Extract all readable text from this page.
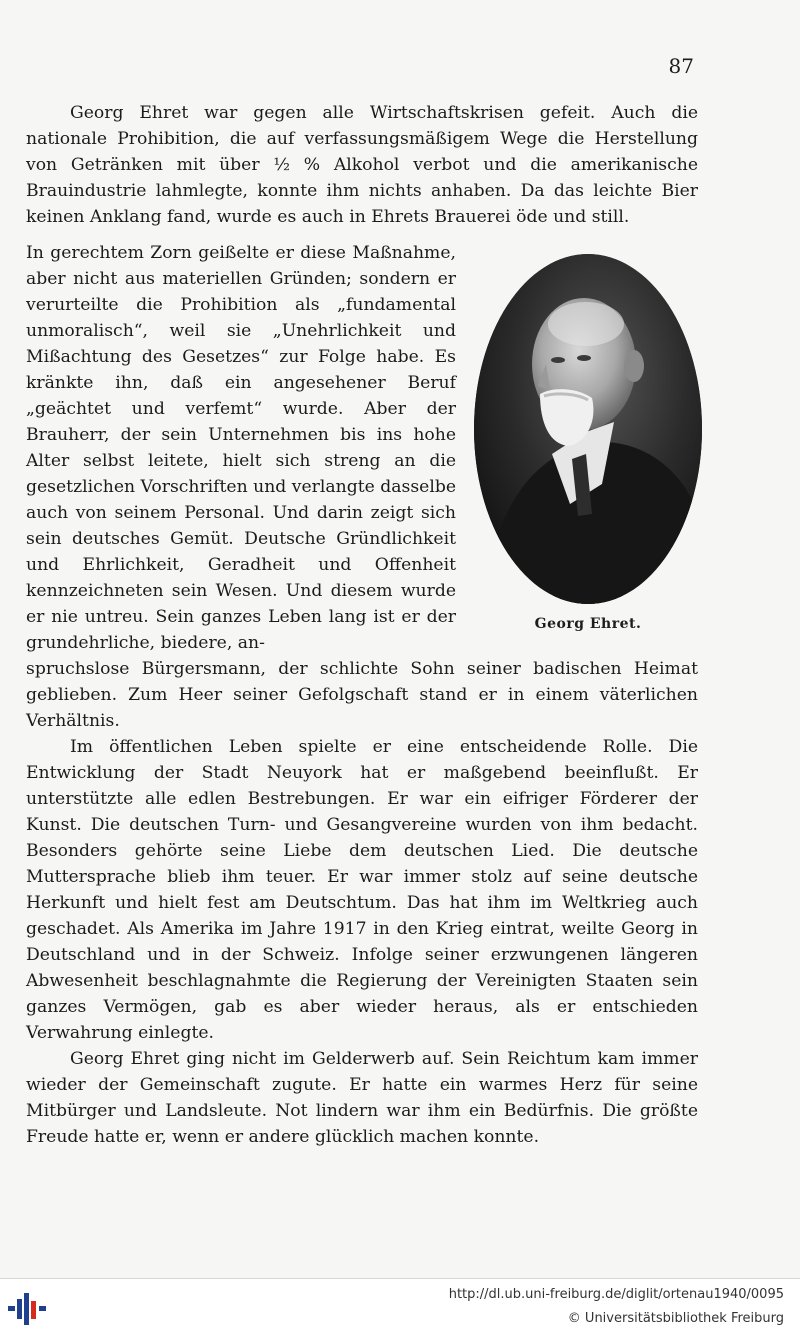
87

Georg Ehret war gegen alle Wirtschaftskrisen gefeit. Auch die nationale Prohibition, die auf verfassungsmäßigem Wege die Herstellung von Getränken mit über ½ % Alkohol verbot und die amerikanische Brauindustrie lahmlegte, konnte ihm nichts anhaben. Da das leichte Bier keinen Anklang fand, wurde es auch in Ehrets Brauerei öde und still.

In gerechtem Zorn geißelte er diese Maßnahme, aber nicht aus materiellen Gründen; sondern er verurteilte die Prohibition als „fundamental unmoralisch“, weil sie „Unehrlichkeit und Mißachtung des Gesetzes“ zur Folge habe. Es kränkte ihn, daß ein angesehener Beruf „geächtet und verfemt“ wurde. Aber der Brauherr, der sein Unternehmen bis ins hohe Alter selbst leitete, hielt sich streng an die gesetzlichen Vorschriften und verlangte dasselbe auch von seinem Personal. Und darin zeigt sich sein deutsches Gemüt. Deutsche Gründlichkeit und Ehrlichkeit, Geradheit und Offenheit kennzeichneten sein Wesen. Und diesem wurde er nie untreu. Sein ganzes Leben lang ist er der grundehrliche, biedere, an-

Georg Ehret.

spruchslose Bürgersmann, der schlichte Sohn seiner badischen Heimat geblieben. Zum Heer seiner Gefolgschaft stand er in einem väterlichen Verhältnis.

Im öffentlichen Leben spielte er eine entscheidende Rolle. Die Entwicklung der Stadt Neuyork hat er maßgebend beeinflußt. Er unterstützte alle edlen Bestrebungen. Er war ein eifriger Förderer der Kunst. Die deutschen Turn- und Gesangvereine wurden von ihm bedacht. Besonders gehörte seine Liebe dem deutschen Lied. Die deutsche Muttersprache blieb ihm teuer. Er war immer stolz auf seine deutsche Herkunft und hielt fest am Deutschtum. Das hat ihm im Weltkrieg auch geschadet. Als Amerika im Jahre 1917 in den Krieg eintrat, weilte Georg in Deutschland und in der Schweiz. Infolge seiner erzwungenen längeren Abwesenheit beschlagnahmte die Regierung der Vereinigten Staaten sein ganzes Vermögen, gab es aber wieder heraus, als er entschieden Verwahrung einlegte.

Georg Ehret ging nicht im Gelderwerb auf. Sein Reichtum kam immer wieder der Gemeinschaft zugute. Er hatte ein warmes Herz für seine Mitbürger und Landsleute. Not lindern war ihm ein Bedürfnis. Die größte Freude hatte er, wenn er andere glücklich machen konnte.

http://dl.ub.uni-freiburg.de/diglit/ortenau1940/0095
© Universitätsbibliothek Freiburg
